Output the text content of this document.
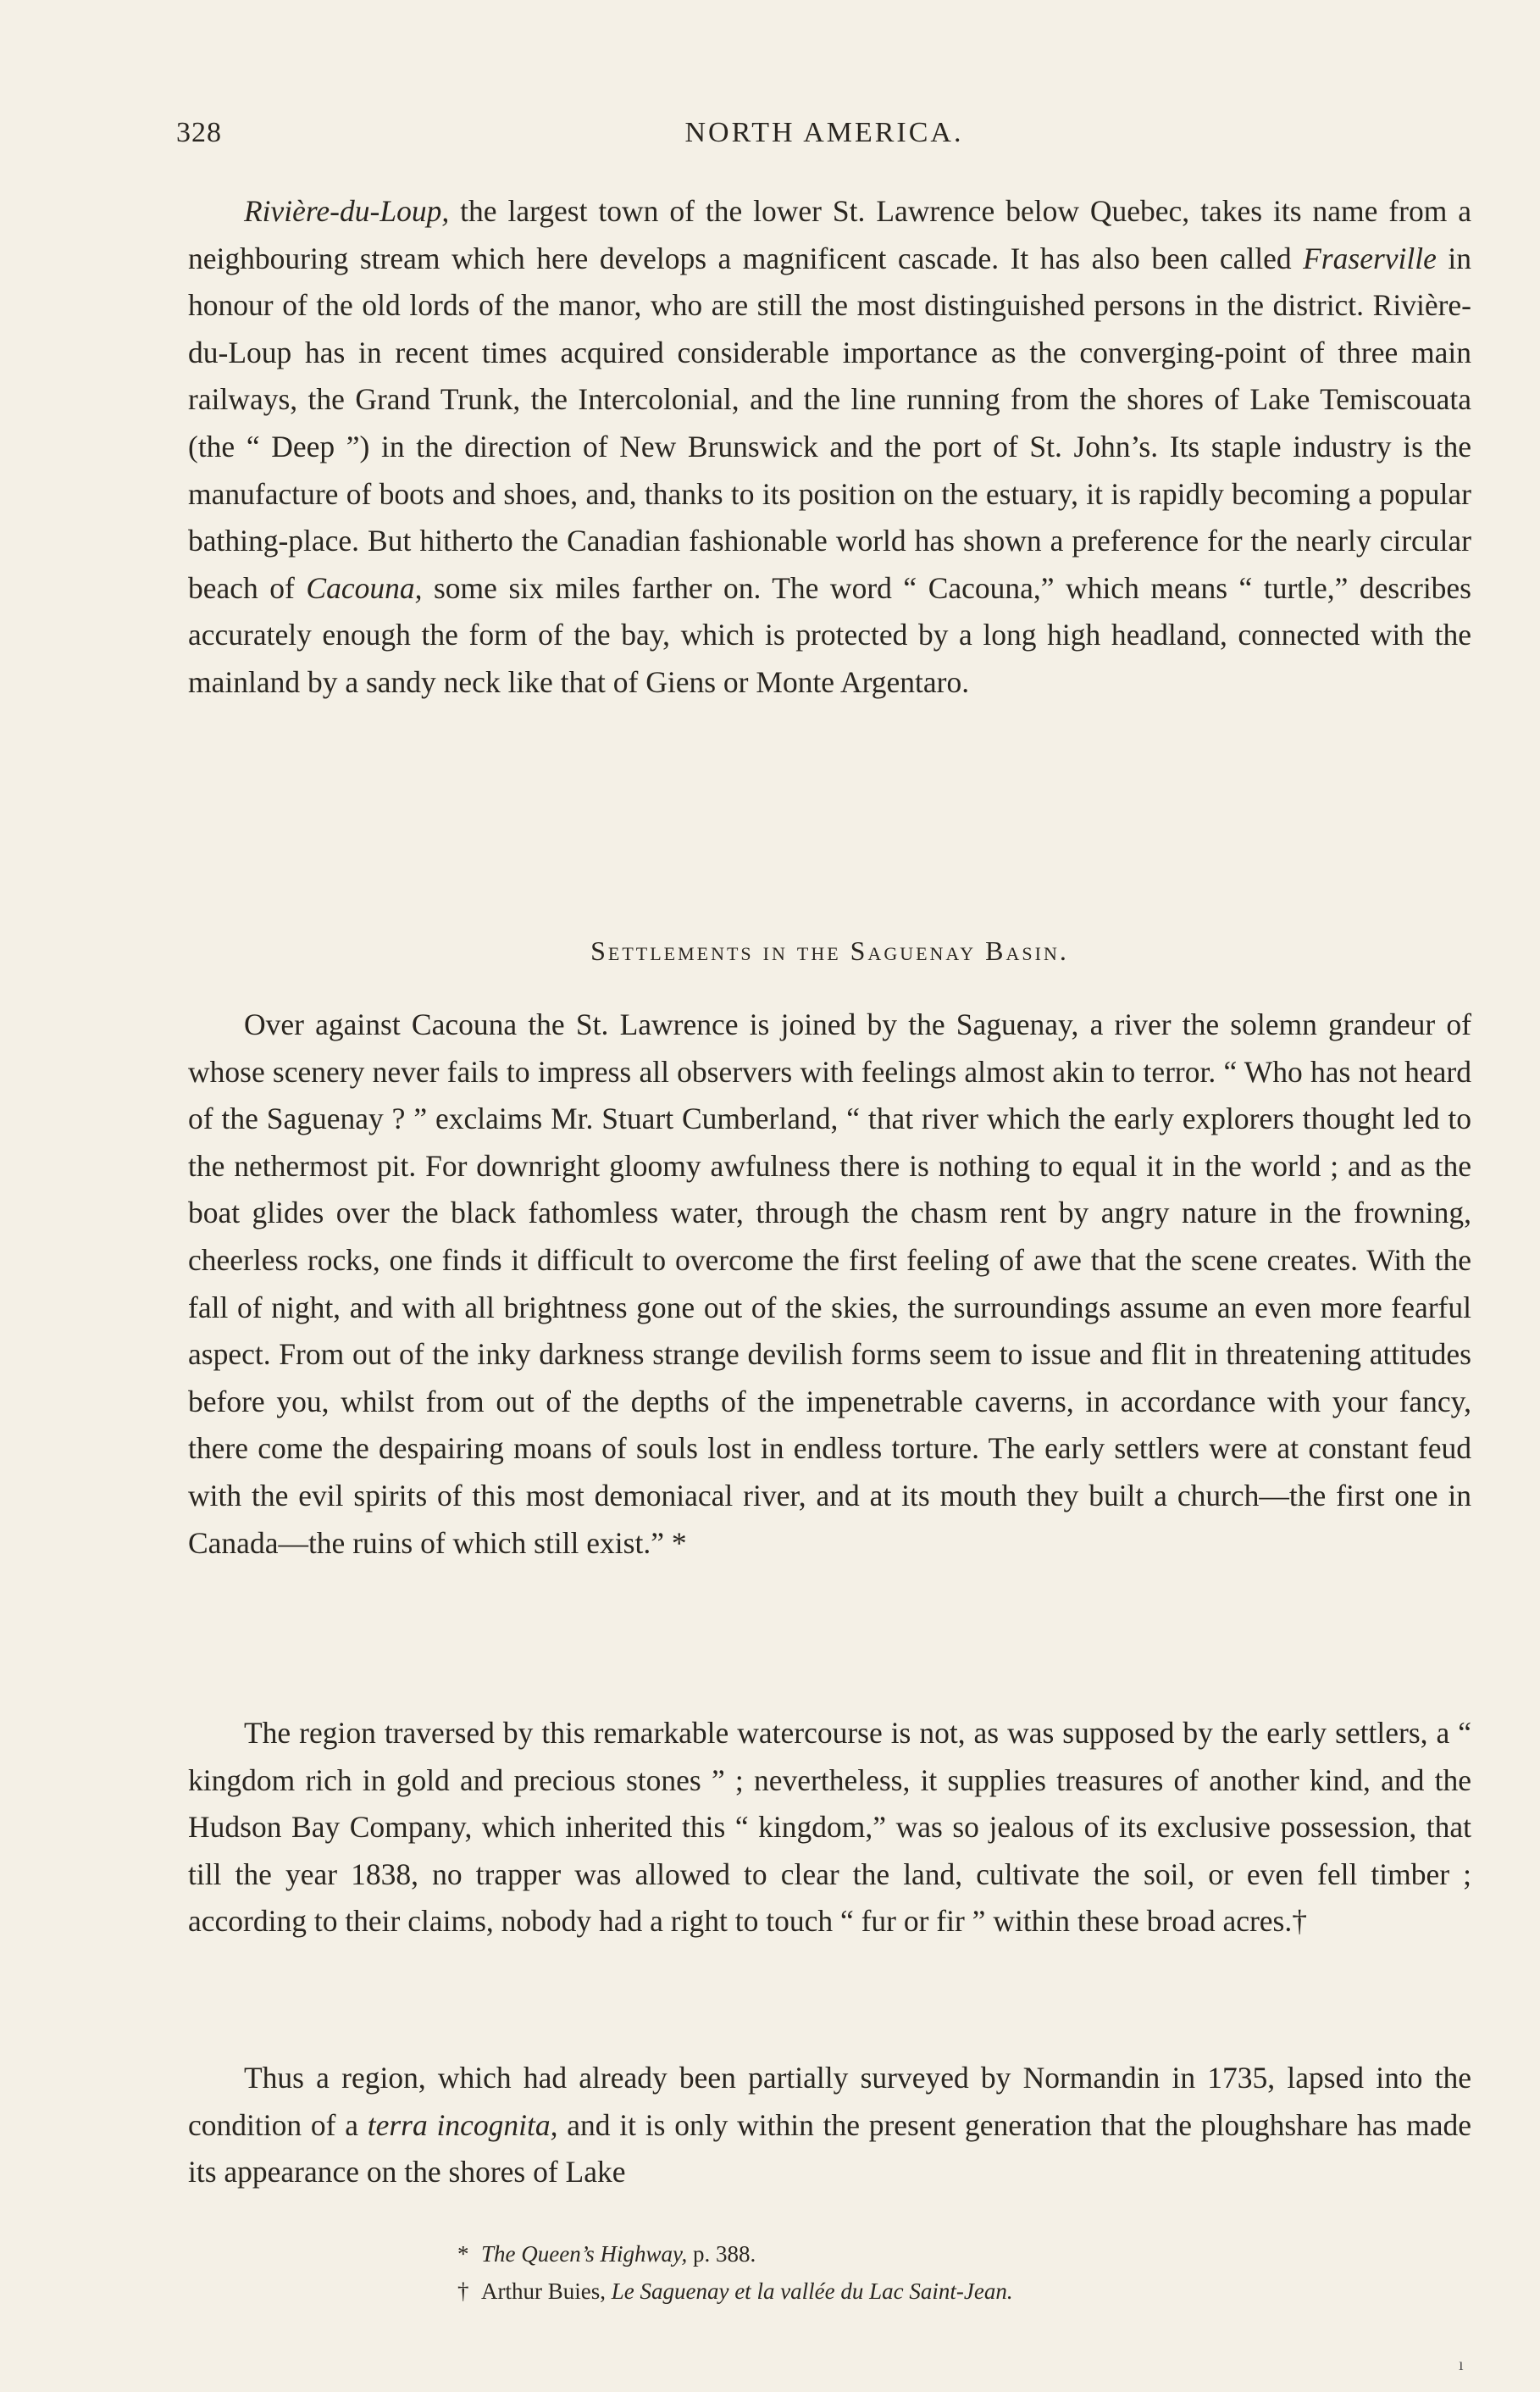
328	NORTH AMERICA.

Rivière-du-Loup, the largest town of the lower St. Lawrence below Quebec, takes its name from a neighbouring stream which here develops a magnificent cascade. It has also been called Fraserville in honour of the old lords of the manor, who are still the most distinguished persons in the district. Rivière-du-Loup has in recent times acquired considerable importance as the converging-point of three main railways, the Grand Trunk, the Intercolonial, and the line running from the shores of Lake Temiscouata (the “ Deep ”) in the direction of New Brunswick and the port of St. John’s. Its staple industry is the manufacture of boots and shoes, and, thanks to its position on the estuary, it is rapidly becoming a popular bathing-place. But hitherto the Canadian fashionable world has shown a preference for the nearly circular beach of Cacouna, some six miles farther on. The word “ Cacouna,” which means “ turtle,” describes accurately enough the form of the bay, which is protected by a long high headland, connected with the mainland by a sandy neck like that of Giens or Monte Argentaro.

Settlements in the Saguenay Basin.

Over against Cacouna the St. Lawrence is joined by the Saguenay, a river the solemn grandeur of whose scenery never fails to impress all observers with feelings almost akin to terror. “ Who has not heard of the Saguenay ? ” exclaims Mr. Stuart Cumberland, “ that river which the early explorers thought led to the nethermost pit. For downright gloomy awfulness there is nothing to equal it in the world ; and as the boat glides over the black fathomless water, through the chasm rent by angry nature in the frowning, cheerless rocks, one finds it difficult to overcome the first feeling of awe that the scene creates. With the fall of night, and with all brightness gone out of the skies, the surroundings assume an even more fearful aspect. From out of the inky darkness strange devilish forms seem to issue and flit in threatening attitudes before you, whilst from out of the depths of the impenetrable caverns, in accordance with your fancy, there come the despairing moans of souls lost in endless torture. The early settlers were at constant feud with the evil spirits of this most demoniacal river, and at its mouth they built a church—the first one in Canada—the ruins of which still exist.” *

The region traversed by this remarkable watercourse is not, as was supposed by the early settlers, a “ kingdom rich in gold and precious stones ” ; nevertheless, it supplies treasures of another kind, and the Hudson Bay Company, which inherited this “ kingdom,” was so jealous of its exclusive possession, that till the year 1838, no trapper was allowed to clear the land, cultivate the soil, or even fell timber ; according to their claims, nobody had a right to touch “ fur or fir ” within these broad acres.†

Thus a region, which had already been partially surveyed by Normandin in 1735, lapsed into the condition of a terra incognita, and it is only within the present generation that the ploughshare has made its appearance on the shores of Lake

* The Queen’s Highway, p. 388.

† Arthur Buies, Le Saguenay et la vallée du Lac Saint-Jean.

ı
